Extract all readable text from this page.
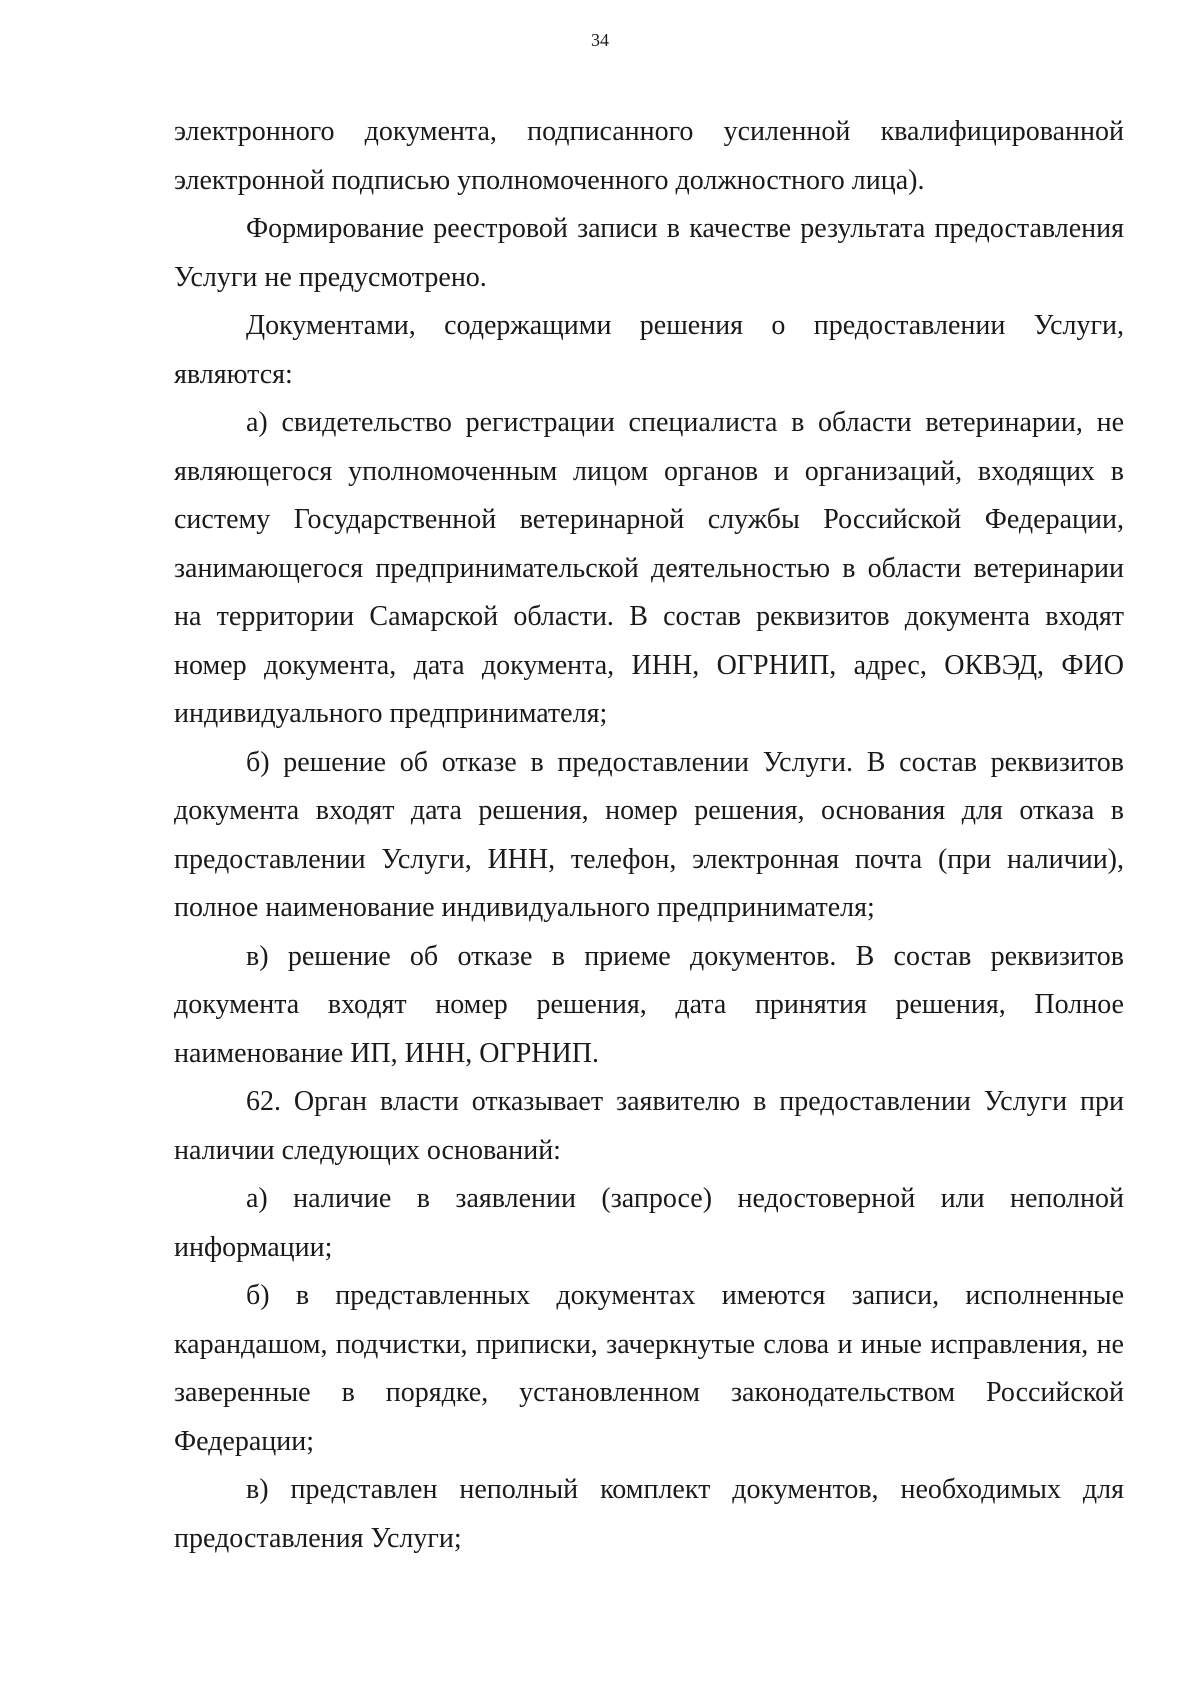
34

электронного документа, подписанного усиленной квалифицированной электронной подписью уполномоченного должностного лица).

Формирование реестровой записи в качестве результата предоставления Услуги не предусмотрено.

Документами, содержащими решения о предоставлении Услуги, являются:

а) свидетельство регистрации специалиста в области ветеринарии, не являющегося уполномоченным лицом органов и организаций, входящих в систему Государственной ветеринарной службы Российской Федерации, занимающегося предпринимательской деятельностью в области ветеринарии на территории Самарской области. В состав реквизитов документа входят номер документа, дата документа, ИНН, ОГРНИП, адрес, ОКВЭД, ФИО индивидуального предпринимателя;

б) решение об отказе в предоставлении Услуги. В состав реквизитов документа входят дата решения, номер решения, основания для отказа в предоставлении Услуги, ИНН, телефон, электронная почта (при наличии), полное наименование индивидуального предпринимателя;

в) решение об отказе в приеме документов. В состав реквизитов документа входят номер решения, дата принятия решения, Полное наименование ИП, ИНН, ОГРНИП.

62. Орган власти отказывает заявителю в предоставлении Услуги при наличии следующих оснований:

а) наличие в заявлении (запросе) недостоверной или неполной информации;

б) в представленных документах имеются записи, исполненные карандашом, подчистки, приписки, зачеркнутые слова и иные исправления, не заверенные в порядке, установленном законодательством Российской Федерации;

в) представлен неполный комплект документов, необходимых для предоставления Услуги;
